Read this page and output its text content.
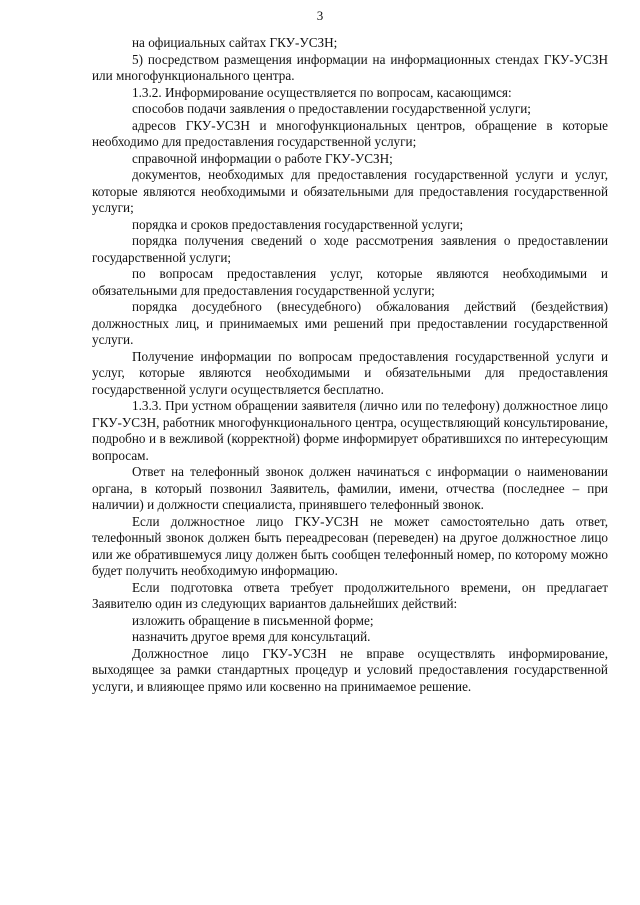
3

на официальных сайтах ГКУ-УСЗН;

5) посредством размещения информации на информационных стендах ГКУ-УСЗН или многофункционального центра.

1.3.2. Информирование осуществляется по вопросам, касающимся:

способов подачи заявления о предоставлении государственной услуги;

адресов ГКУ-УСЗН и многофункциональных центров, обращение в которые необходимо для предоставления государственной услуги;

справочной информации о работе ГКУ-УСЗН;

документов, необходимых для предоставления государственной услуги и услуг, которые являются необходимыми и обязательными для предоставления государственной услуги;

порядка и сроков предоставления государственной услуги;

порядка получения сведений о ходе рассмотрения заявления о предоставлении государственной услуги;

по вопросам предоставления услуг, которые являются необходимыми и обязательными для предоставления государственной услуги;

порядка досудебного (внесудебного) обжалования действий (бездействия) должностных лиц, и принимаемых ими решений при предоставлении государственной услуги.

Получение информации по вопросам предоставления государственной услуги и услуг, которые являются необходимыми и обязательными для предоставления государственной услуги осуществляется бесплатно.

1.3.3. При устном обращении заявителя (лично или по телефону) должностное лицо ГКУ-УСЗН, работник многофункционального центра, осуществляющий консультирование, подробно и в вежливой (корректной) форме информирует обратившихся по интересующим вопросам.

Ответ на телефонный звонок должен начинаться с информации о наименовании органа, в который позвонил Заявитель, фамилии, имени, отчества (последнее – при наличии) и должности специалиста, принявшего телефонный звонок.

Если должностное лицо ГКУ-УСЗН не может самостоятельно дать ответ, телефонный звонок должен быть переадресован (переведен) на другое должностное лицо или же обратившемуся лицу должен быть сообщен телефонный номер, по которому можно будет получить необходимую информацию.

Если подготовка ответа требует продолжительного времени, он предлагает Заявителю один из следующих вариантов дальнейших действий:

изложить обращение в письменной форме;

назначить другое время для консультаций.

Должностное лицо ГКУ-УСЗН не вправе осуществлять информирование, выходящее за рамки стандартных процедур и условий предоставления государственной услуги, и влияющее прямо или косвенно на принимаемое решение.
